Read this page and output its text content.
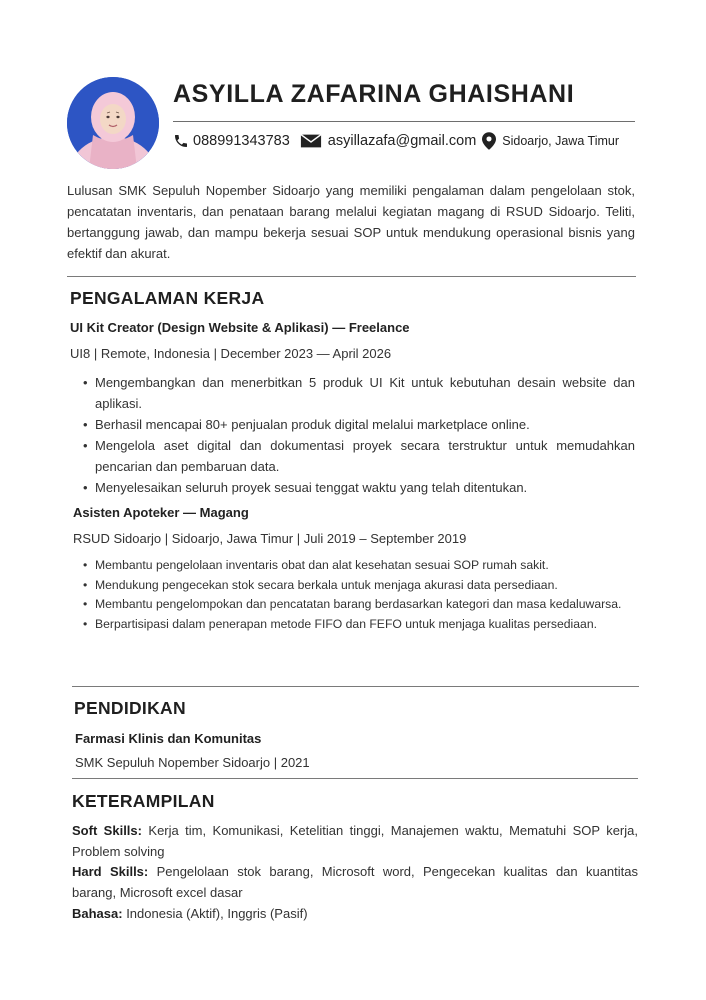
ASYILLA ZAFARINA GHAISHANI
088991343783	asyillazafa@gmail.com Sidoarjo, Jawa Timur
Lulusan SMK Sepuluh Nopember Sidoarjo yang memiliki pengalaman dalam pengelolaan stok, pencatatan inventaris, dan penataan barang melalui kegiatan magang di RSUD Sidoarjo. Teliti, bertanggung jawab, dan mampu bekerja sesuai SOP untuk mendukung operasional bisnis yang efektif dan akurat.
PENGALAMAN KERJA
UI Kit Creator (Design Website & Aplikasi) — Freelance
UI8 | Remote, Indonesia | December 2023 — April 2026
• Mengembangkan dan menerbitkan 5 produk UI Kit untuk kebutuhan desain website dan aplikasi.
• Berhasil mencapai 80+ penjualan produk digital melalui marketplace online.
• Mengelola aset digital dan dokumentasi proyek secara terstruktur untuk memudahkan pencarian dan pembaruan data.
• Menyelesaikan seluruh proyek sesuai tenggat waktu yang telah ditentukan.
Asisten Apoteker — Magang
RSUD Sidoarjo | Sidoarjo, Jawa Timur | Juli 2019 – September 2019
• Membantu pengelolaan inventaris obat dan alat kesehatan sesuai SOP rumah sakit.
• Mendukung pengecekan stok secara berkala untuk menjaga akurasi data persediaan.
• Membantu pengelompokan dan pencatatan barang berdasarkan kategori dan masa kedaluwarsa.
• Berpartisipasi dalam penerapan metode FIFO dan FEFO untuk menjaga kualitas persediaan.
PENDIDIKAN
Farmasi Klinis dan Komunitas
SMK Sepuluh Nopember Sidoarjo | 2021
KETERAMPILAN

Soft Skills: Kerja tim, Komunikasi, Ketelitian tinggi, Manajemen waktu, Mematuhi SOP kerja, Problem solving

Hard Skills: Pengelolaan stok barang, Microsoft word, Pengecekan kualitas dan kuantitas barang, Microsoft excel dasar

Bahasa: Indonesia (Aktif), Inggris (Pasif)
